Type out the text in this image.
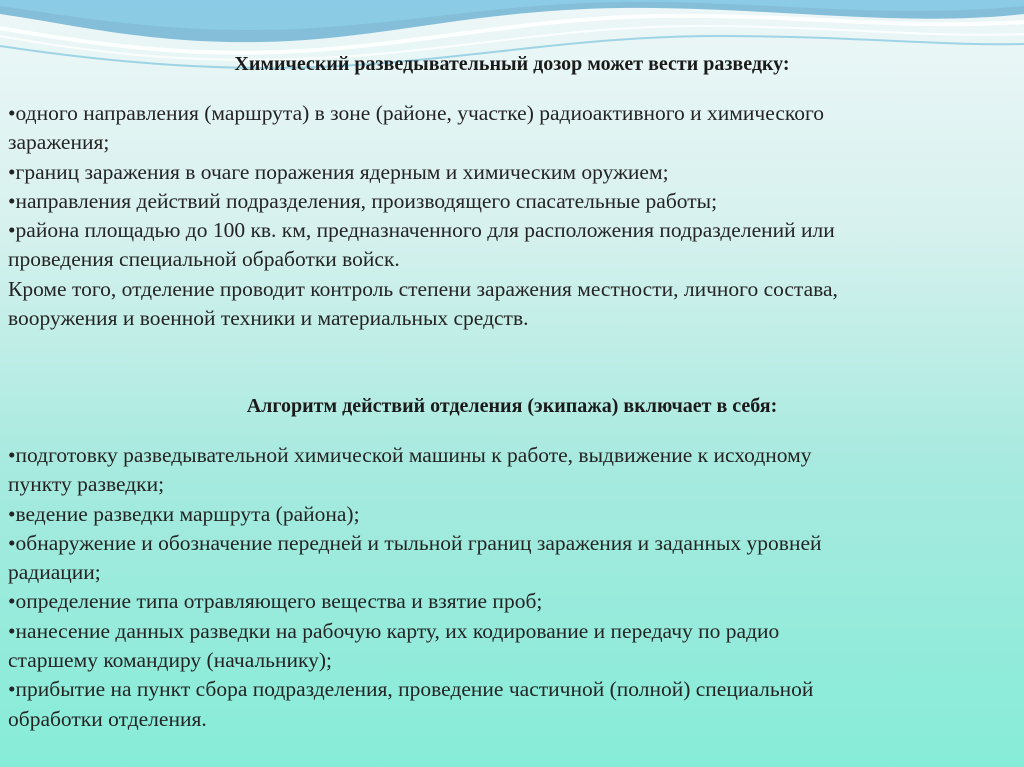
Химический разведывательный дозор может вести разведку:
•одного направления (маршрута) в зоне (районе, участке) радиоактивного и химического
заражения;
•границ заражения в очаге поражения ядерным и химическим оружием;
•направления действий подразделения, производящего спасательные работы;
•района площадью до 100 кв. км, предназначенного для расположения подразделений или
проведения специальной обработки войск.
Кроме того, отделение проводит контроль степени заражения местности, личного состава,
вооружения и военной техники и материальных средств.
Алгоритм действий отделения (экипажа) включает в себя:
•подготовку разведывательной химической машины к работе, выдвижение к исходному
пункту разведки;
•ведение разведки маршрута (района);
•обнаружение и обозначение передней и тыльной границ заражения и заданных уровней
радиации;
•определение типа отравляющего вещества и взятие проб;
•нанесение данных разведки на рабочую карту, их кодирование и передачу по радио
старшему командиру (начальнику);
•прибытие на пункт сбора подразделения, проведение частичной (полной) специальной
обработки отделения.
